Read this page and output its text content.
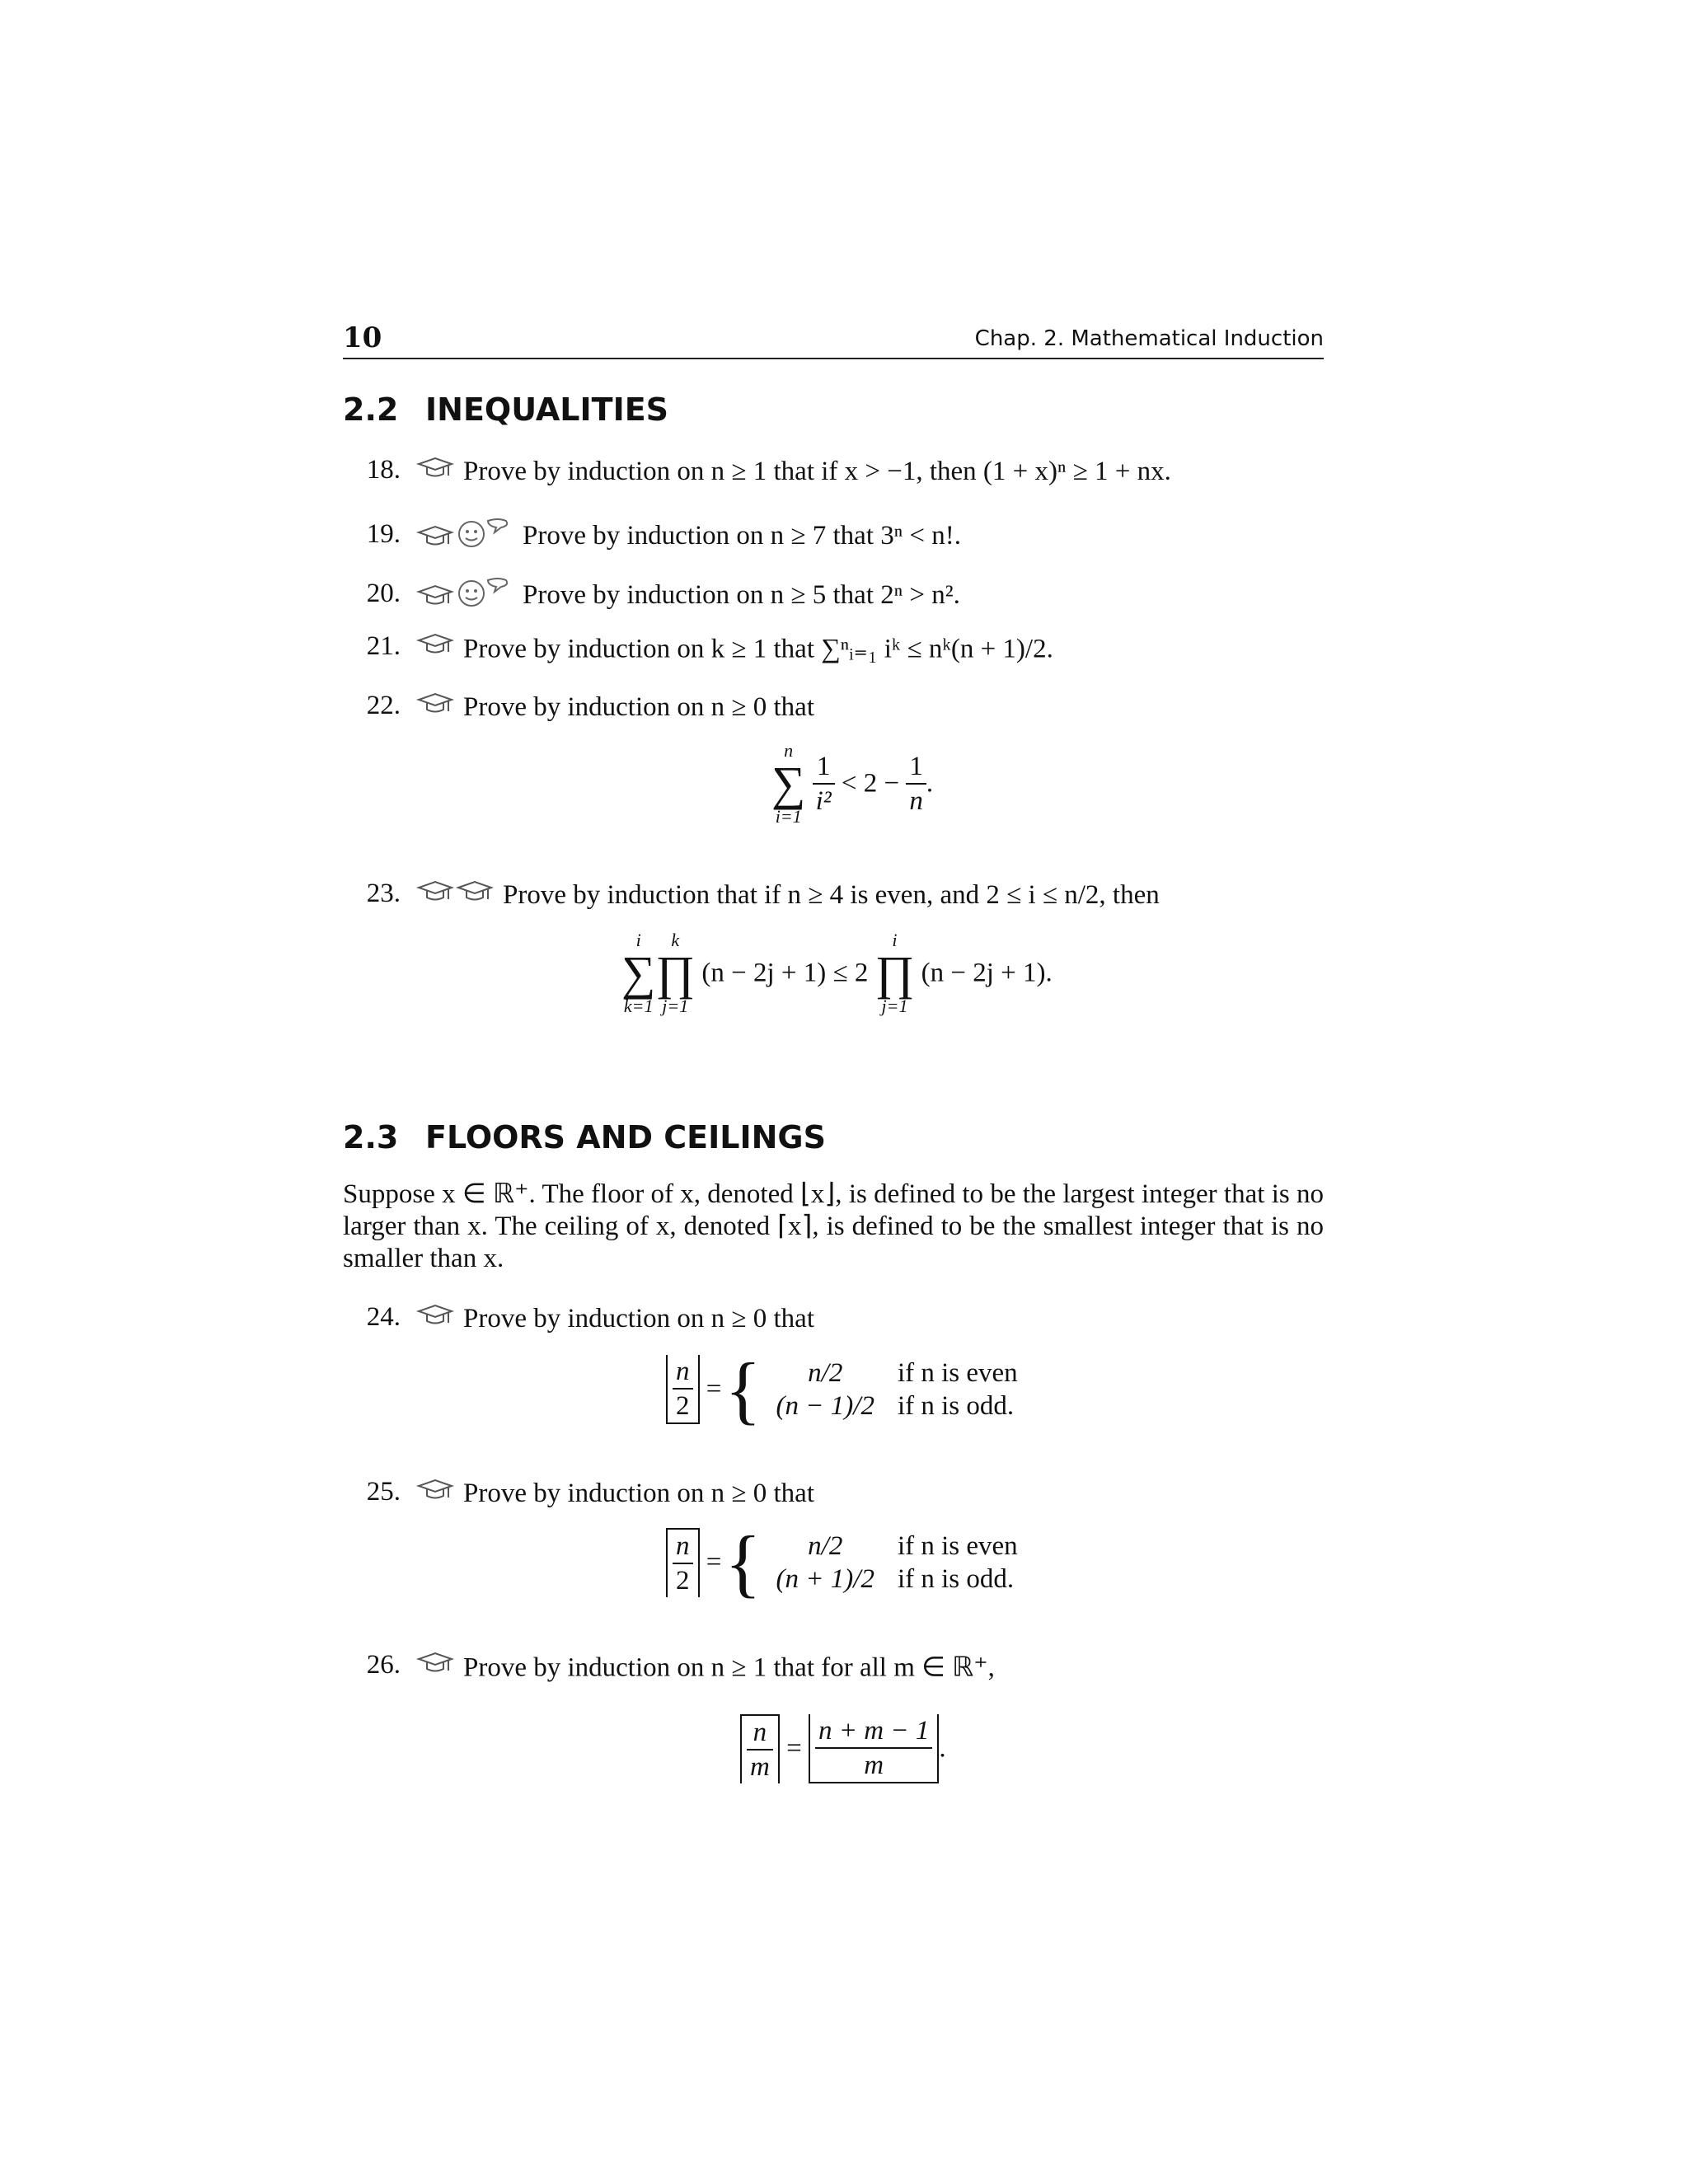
10	Chap. 2. Mathematical Induction
2.2 INEQUALITIES
18. Prove by induction on n ≥ 1 that if x > −1, then (1 + x)ⁿ ≥ 1 + nx.
19.	Prove by induction on n ≥ 7 that 3ⁿ < n!.
20.	Prove by induction on n ≥ 5 that 2ⁿ > n².
21. Prove by induction on k ≥ 1 that ∑ⁿᵢ₌₁ iᵏ ≤ nᵏ(n + 1)/2.
22. Prove by induction on n ≥ 0 that
n
∑
i=1
$\frac{1}{\text{i²}} < 2 - \frac{1}{n}$ .
23.	Prove by induction that if n ≥ 4 is even, and 2 ≤ i ≤ n/2, then
i
∑
k=1
k
∏
j=1
(n − 2j + 1) ≤ 2
i
∏
j=1
(n − 2j + 1).
2.3 FLOORS AND CEILINGS
Suppose x ∈ ℝ⁺. The floor of x, denoted ⌊x⌋, is defined to be the largest integer that is no larger than x. The ceiling of x, denoted ⌈x⌉, is defined to be the smallest integer that is no smaller than x.
24. Prove by induction on n ≥ 0 that
$\frac{n}{2}$ ={ n/2	if n is even
(n − 1)/2	if n is odd.
25. Prove by induction on n ≥ 0 that
$\frac{n}{2}$ ={ n/2	if n is even
(n + 1)/2	if n is odd.
26. Prove by induction on n ≥ 1 that for all m ∈ ℝ⁺,
$\frac{n}{m} = \frac{n + m - 1}{m}$ .
